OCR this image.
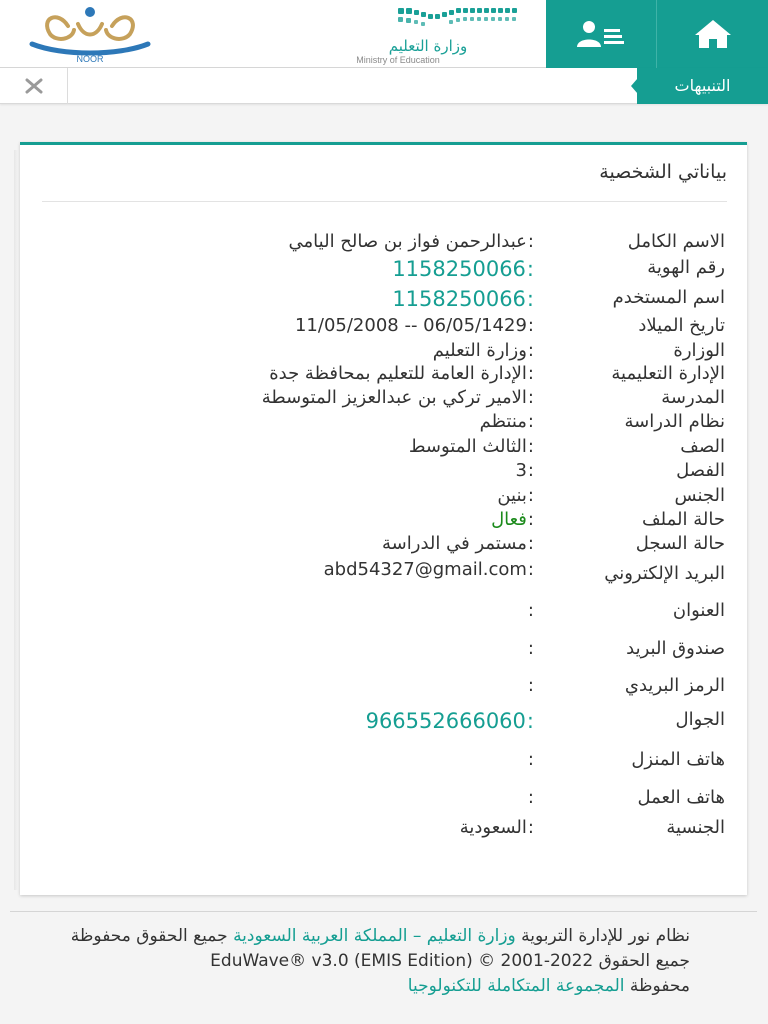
NOOR
وزارة التعليم
Ministry of Education
التنبيهات
بياناتي الشخصية
الاسم الكامل
:عبدالرحمن فواز بن صالح اليامي
رقم الهوية
:1158250066
اسم المستخدم
:1158250066
تاريخ الميلاد
:11/05/2008 -- 06/05/1429
الوزارة
:وزارة التعليم
الإدارة التعليمية
:الإدارة العامة للتعليم بمحافظة جدة
المدرسة
:الامير تركي بن عبدالعزيز المتوسطة
نظام الدراسة
:منتظم
الصف
:الثالث المتوسط
الفصل
:3
الجنس
:بنين
حالة الملف
:فعال
حالة السجل
:مستمر في الدراسة
البريد الإلكتروني
:abd54327@gmail.com
العنوان
:
صندوق البريد
:
الرمز البريدي
:
الجوال
:966552666060
هاتف المنزل
:
هاتف العمل
:
الجنسية
:السعودية
نظام نور للإدارة التربوية وزارة التعليم – المملكة العربية السعودية جميع الحقوق محفوظة
جميع الحقوق EduWave® v3.0 (EMIS Edition) © 2001-2022
محفوظة المجموعة المتكاملة للتكنولوجيا
